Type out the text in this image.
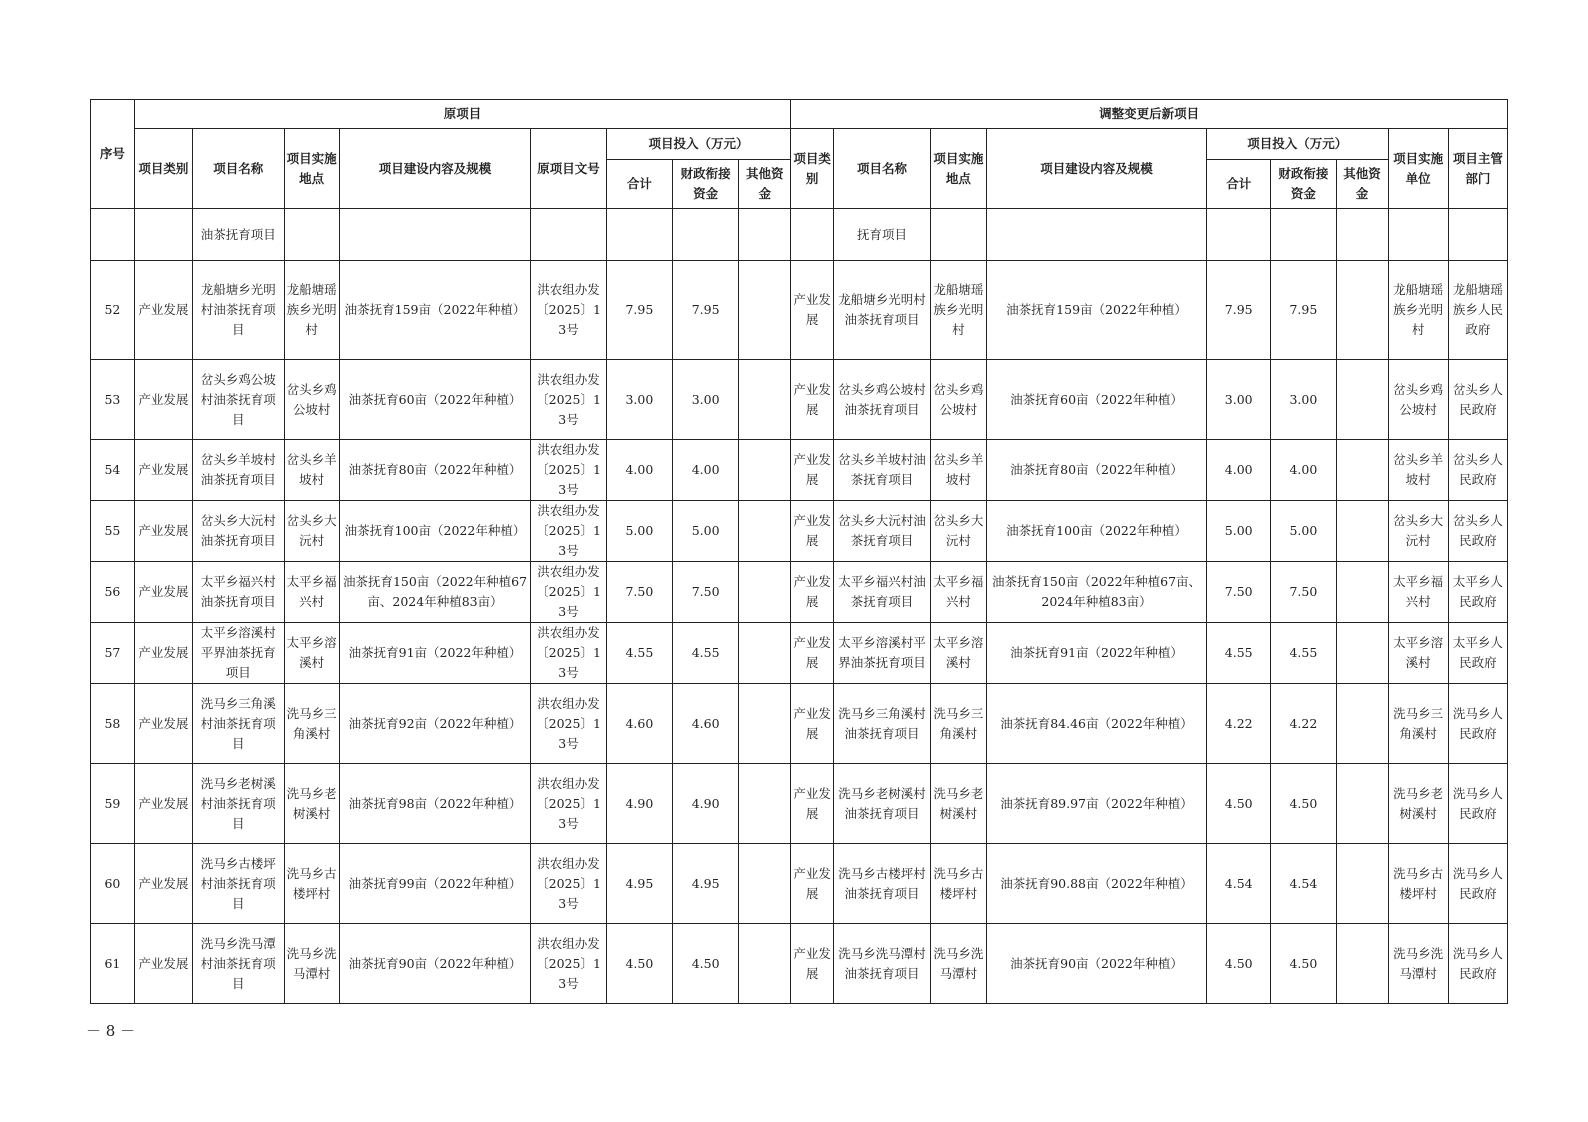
序号	原项目								调整变更后新项目								
	项目类别	项目名称	项目实施地点	项目建设内容及规模	原项目文号	项目投入（万元）			项目类别	项目名称	项目实施地点	项目建设内容及规模	项目投入（万元）			项目实施单位	项目主管部门
						合计	财政衔接资金	其他资金					合计	财政衔接资金	其他资金		
		油茶抚育项目								抚育项目							
52	产业发展	龙船塘乡光明村油茶抚育项目	龙船塘瑶族乡光明村	油茶抚育159亩（2022年种植）	洪农组办发〔2025〕13号	7.95	7.95		产业发展	龙船塘乡光明村油茶抚育项目	龙船塘瑶族乡光明村	油茶抚育159亩（2022年种植）	7.95	7.95		龙船塘瑶族乡光明村	龙船塘瑶族乡人民政府
53	产业发展	岔头乡鸡公坡村油茶抚育项目	岔头乡鸡公坡村	油茶抚育60亩（2022年种植）	洪农组办发〔2025〕13号	3.00	3.00		产业发展	岔头乡鸡公坡村油茶抚育项目	岔头乡鸡公坡村	油茶抚育60亩（2022年种植）	3.00	3.00		岔头乡鸡公坡村	岔头乡人民政府
54	产业发展	岔头乡羊坡村油茶抚育项目	岔头乡羊坡村	油茶抚育80亩（2022年种植）	洪农组办发〔2025〕13号	4.00	4.00		产业发展	岔头乡羊坡村油茶抚育项目	岔头乡羊坡村	油茶抚育80亩（2022年种植）	4.00	4.00		岔头乡羊坡村	岔头乡人民政府
55	产业发展	岔头乡大沅村油茶抚育项目	岔头乡大沅村	油茶抚育100亩（2022年种植）	洪农组办发〔2025〕13号	5.00	5.00		产业发展	岔头乡大沅村油茶抚育项目	岔头乡大沅村	油茶抚育100亩（2022年种植）	5.00	5.00		岔头乡大沅村	岔头乡人民政府
56	产业发展	太平乡福兴村油茶抚育项目	太平乡福兴村	油茶抚育150亩（2022年种植67亩、2024年种植83亩）	洪农组办发〔2025〕13号	7.50	7.50		产业发展	太平乡福兴村油茶抚育项目	太平乡福兴村	油茶抚育150亩（2022年种植67亩、2024年种植83亩）	7.50	7.50		太平乡福兴村	太平乡人民政府
57	产业发展	太平乡溶溪村平界油茶抚育项目	太平乡溶溪村	油茶抚育91亩（2022年种植）	洪农组办发〔2025〕13号	4.55	4.55		产业发展	太平乡溶溪村平界油茶抚育项目	太平乡溶溪村	油茶抚育91亩（2022年种植）	4.55	4.55		太平乡溶溪村	太平乡人民政府
58	产业发展	洗马乡三角溪村油茶抚育项目	洗马乡三角溪村	油茶抚育92亩（2022年种植）	洪农组办发〔2025〕13号	4.60	4.60		产业发展	洗马乡三角溪村油茶抚育项目	洗马乡三角溪村	油茶抚育84.46亩（2022年种植）	4.22	4.22		洗马乡三角溪村	洗马乡人民政府
59	产业发展	洗马乡老树溪村油茶抚育项目	洗马乡老树溪村	油茶抚育98亩（2022年种植）	洪农组办发〔2025〕13号	4.90	4.90		产业发展	洗马乡老树溪村油茶抚育项目	洗马乡老树溪村	油茶抚育89.97亩（2022年种植）	4.50	4.50		洗马乡老树溪村	洗马乡人民政府
60	产业发展	洗马乡古楼坪村油茶抚育项目	洗马乡古楼坪村	油茶抚育99亩（2022年种植）	洪农组办发〔2025〕13号	4.95	4.95		产业发展	洗马乡古楼坪村油茶抚育项目	洗马乡古楼坪村	油茶抚育90.88亩（2022年种植）	4.54	4.54		洗马乡古楼坪村	洗马乡人民政府
61	产业发展	洗马乡洗马潭村油茶抚育项目	洗马乡洗马潭村	油茶抚育90亩（2022年种植）	洪农组办发〔2025〕13号	4.50	4.50		产业发展	洗马乡洗马潭村油茶抚育项目	洗马乡洗马潭村	油茶抚育90亩（2022年种植）	4.50	4.50		洗马乡洗马潭村	洗马乡人民政府
－ 8 －
